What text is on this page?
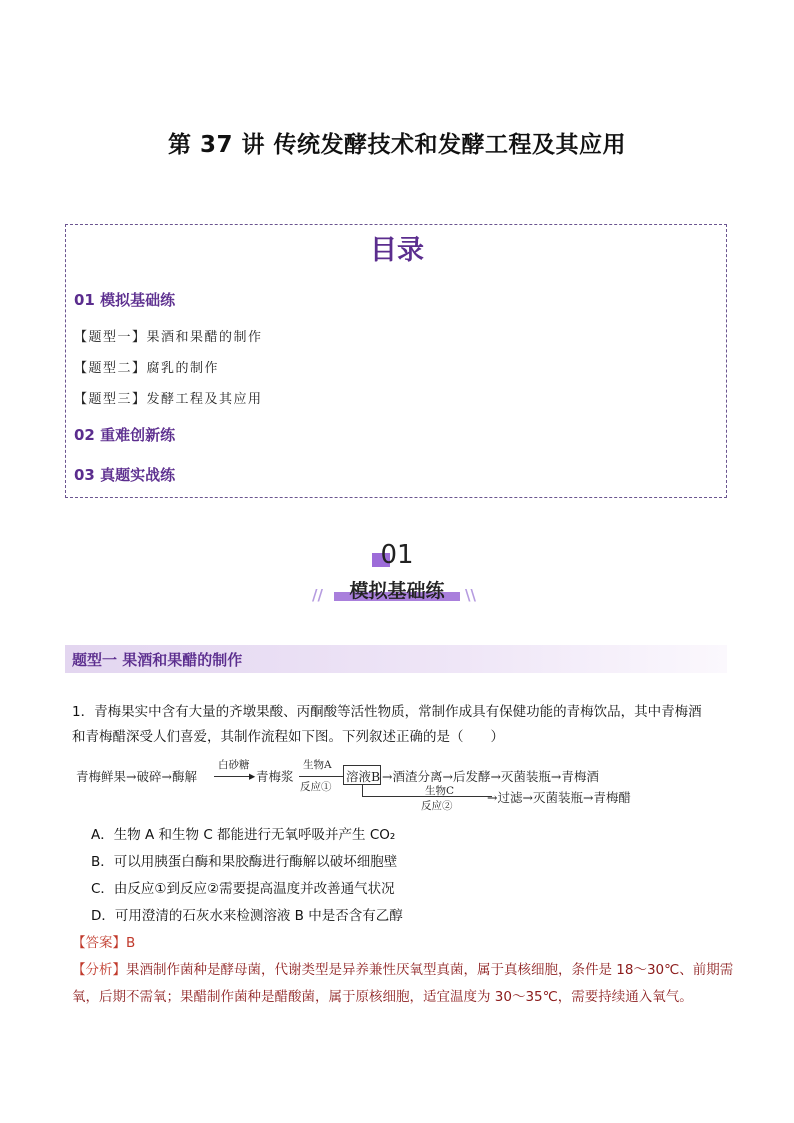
第 37 讲 传统发酵技术和发酵工程及其应用
目录
01 模拟基础练
【题型一】果酒和果醋的制作
【题型二】腐乳的制作
【题型三】发酵工程及其应用
02 重难创新练
03 真题实战练
01
模拟基础练
//	\\
题型一 果酒和果醋的制作
1．青梅果实中含有大量的齐墩果酸、丙酮酸等活性物质，常制作成具有保健功能的青梅饮品，其中青梅酒
和青梅醋深受人们喜爱，其制作流程如下图。下列叙述正确的是（　　）
青梅鲜果→破碎→酶解
白砂糖
▸ 青梅浆
生物A
反应①
溶液B →酒渣分离→后发酵→灭菌装瓶→青梅酒
生物C
反应②
→过滤→灭菌装瓶→青梅醋
A．生物 A 和生物 C 都能进行无氧呼吸并产生 CO₂
B．可以用胰蛋白酶和果胶酶进行酶解以破坏细胞壁
C．由反应①到反应②需要提高温度并改善通气状况
D．可用澄清的石灰水来检测溶液 B 中是否含有乙醇
【答案】B
【分析】果酒制作菌种是酵母菌，代谢类型是异养兼性厌氧型真菌，属于真核细胞，条件是 18～30℃、前期需氧，后期不需氧；果醋制作菌种是醋酸菌，属于原核细胞，适宜温度为 30～35℃，需要持续通入氧气。
